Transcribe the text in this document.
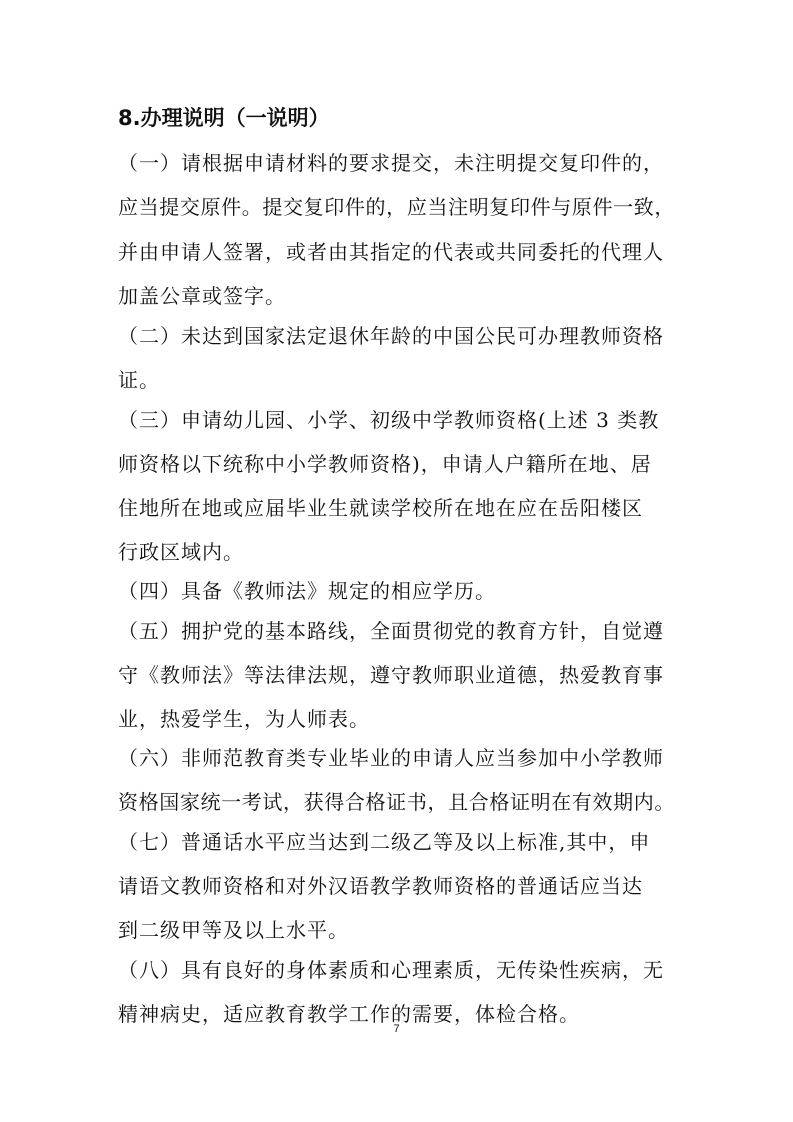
8.办理说明（一说明）
（一）请根据申请材料的要求提交，未注明提交复印件的，
应当提交原件。提交复印件的，应当注明复印件与原件一致，
并由申请人签署，或者由其指定的代表或共同委托的代理人
加盖公章或签字。
（二）未达到国家法定退休年龄的中国公民可办理教师资格
证。
（三）申请幼儿园、小学、初级中学教师资格(上述 3 类教
师资格以下统称中小学教师资格)，申请人户籍所在地、居
住地所在地或应届毕业生就读学校所在地在应在岳阳楼区
行政区域内。
（四）具备《教师法》规定的相应学历。
（五）拥护党的基本路线，全面贯彻党的教育方针，自觉遵
守《教师法》等法律法规，遵守教师职业道德，热爱教育事
业，热爱学生，为人师表。
（六）非师范教育类专业毕业的申请人应当参加中小学教师
资格国家统一考试，获得合格证书，且合格证明在有效期内。
（七）普通话水平应当达到二级乙等及以上标准,其中，申
请语文教师资格和对外汉语教学教师资格的普通话应当达
到二级甲等及以上水平。
（八）具有良好的身体素质和心理素质，无传染性疾病，无
精神病史，适应教育教学工作的需要，体检合格。
7
